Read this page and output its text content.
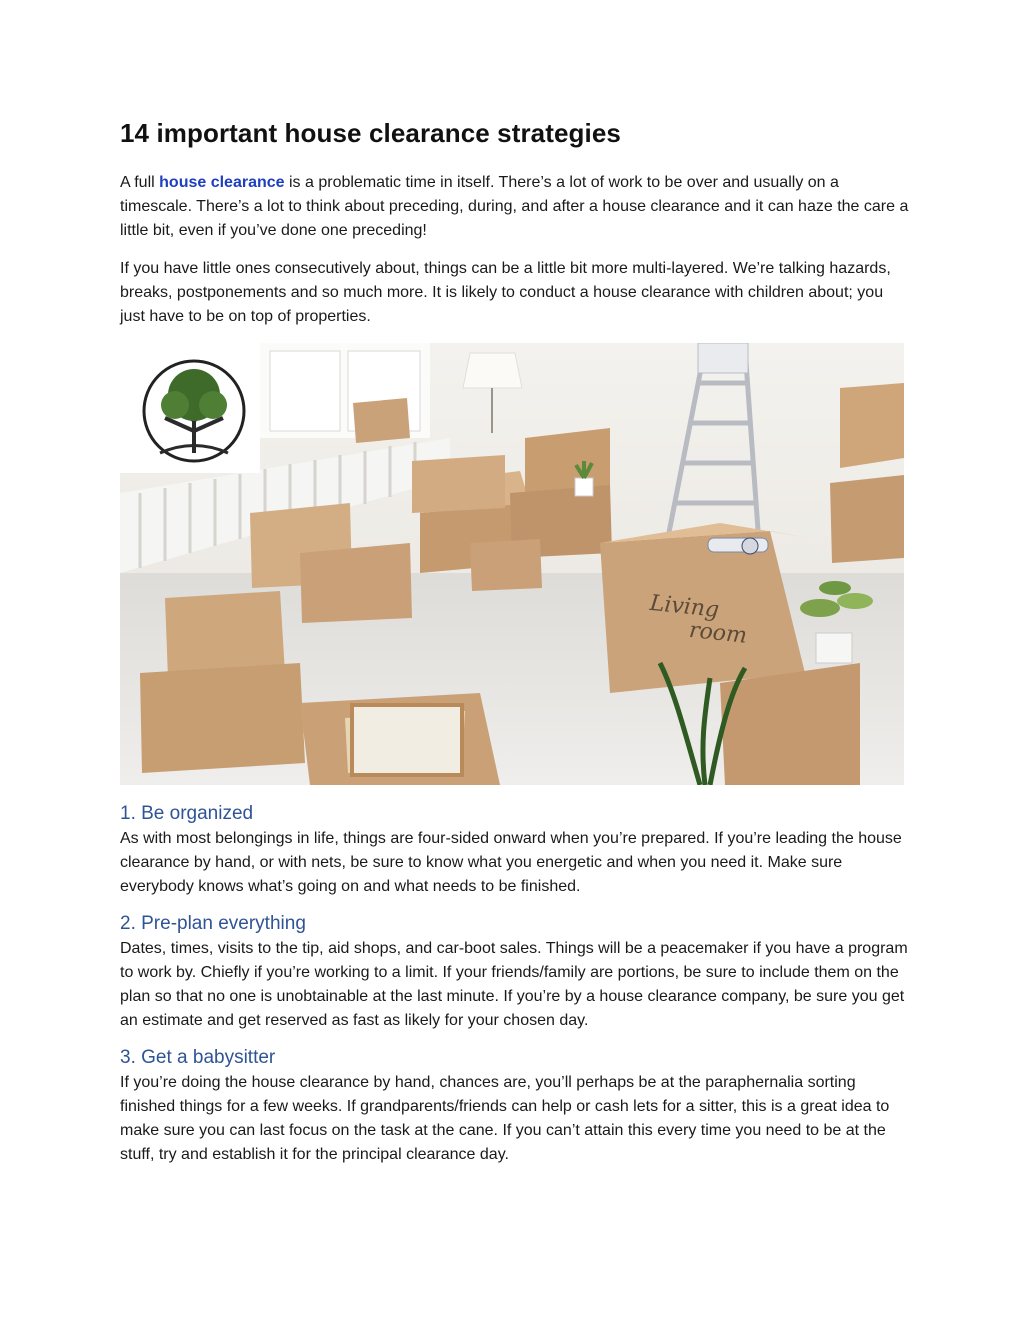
14 important house clearance strategies

A full house clearance is a problematic time in itself. There’s a lot of work to be over and usually on a timescale. There’s a lot to think about preceding, during, and after a house clearance and it can haze the care a little bit, even if you’ve done one preceding!

If you have little ones consecutively about, things can be a little bit more multi-layered. We’re talking hazards, breaks, postponements and so much more. It is likely to conduct a house clearance with children about; you just have to be on top of properties.

Living
room
1. Be organized

As with most belongings in life, things are four-sided onward when you’re prepared. If you’re leading the house clearance by hand, or with nets, be sure to know what you energetic and when you need it. Make sure everybody knows what’s going on and what needs to be finished.

2. Pre-plan everything

Dates, times, visits to the tip, aid shops, and car-boot sales. Things will be a peacemaker if you have a program to work by. Chiefly if you’re working to a limit. If your friends/family are portions, be sure to include them on the plan so that no one is unobtainable at the last minute. If you’re by a house clearance company, be sure you get an estimate and get reserved as fast as likely for your chosen day.

3. Get a babysitter

If you’re doing the house clearance by hand, chances are, you’ll perhaps be at the paraphernalia sorting finished things for a few weeks. If grandparents/friends can help or cash lets for a sitter, this is a great idea to make sure you can last focus on the task at the cane. If you can’t attain this every time you need to be at the stuff, try and establish it for the principal clearance day.
